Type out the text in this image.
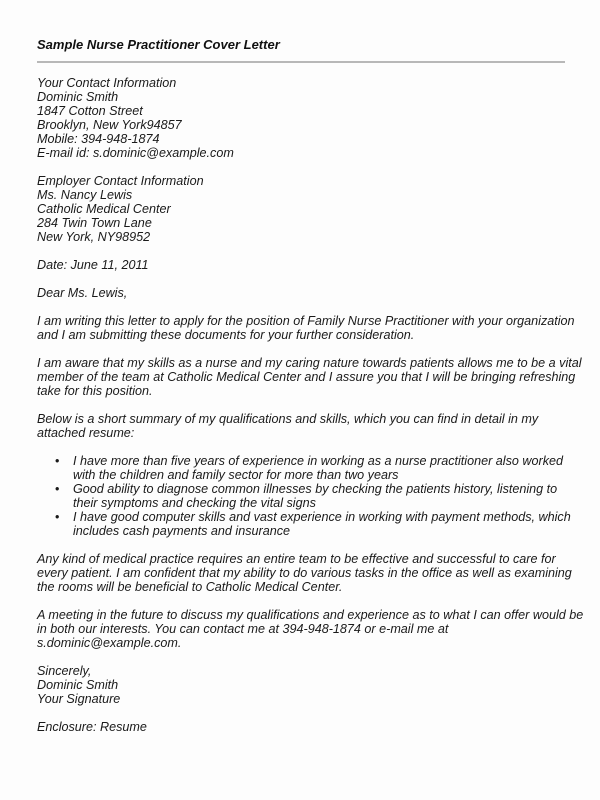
Sample Nurse Practitioner Cover Letter
Your Contact Information
Dominic Smith
1847 Cotton Street
Brooklyn, New York94857
Mobile: 394-948-1874
E-mail id: s.dominic@example.com
Employer Contact Information
Ms. Nancy Lewis
Catholic Medical Center
284 Twin Town Lane
New York, NY98952
Date: June 11, 2011
Dear Ms. Lewis,
I am writing this letter to apply for the position of Family Nurse Practitioner with your organization
and I am submitting these documents for your further consideration.
I am aware that my skills as a nurse and my caring nature towards patients allows me to be a vital
member of the team at Catholic Medical Center and I assure you that I will be bringing refreshing
take for this position.
Below is a short summary of my qualifications and skills, which you can find in detail in my
attached resume:
• I have more than five years of experience in working as a nurse practitioner also worked
with the children and family sector for more than two years
• Good ability to diagnose common illnesses by checking the patients history, listening to
their symptoms and checking the vital signs
• I have good computer skills and vast experience in working with payment methods, which
includes cash payments and insurance
Any kind of medical practice requires an entire team to be effective and successful to care for
every patient. I am confident that my ability to do various tasks in the office as well as examining
the rooms will be beneficial to Catholic Medical Center.
A meeting in the future to discuss my qualifications and experience as to what I can offer would be
in both our interests. You can contact me at 394-948-1874 or e-mail me at
s.dominic@example.com.
Sincerely,
Dominic Smith
Your Signature
Enclosure: Resume
